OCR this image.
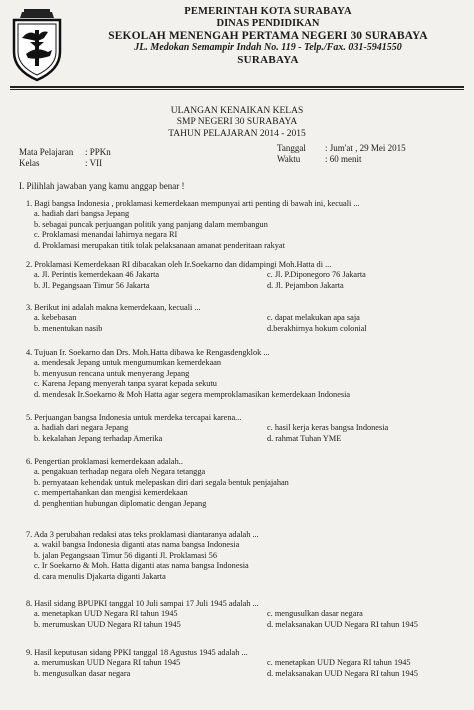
PEMERINTAH KOTA SURABAYA
DINAS PENDIDIKAN
SEKOLAH MENENGAH PERTAMA NEGERI 30 SURABAYA
JL. Medokan Semampir Indah No. 119 - Telp./Fax. 031-5941550
SURABAYA
ULANGAN KENAIKAN KELAS
SMP NEGERI 30 SURABAYA
TAHUN PELAJARAN 2014 - 2015
Mata Pelajaran	: PPKn
Kelas	: VII
Tanggal	: Jum'at , 29 Mei 2015
Waktu	: 60 menit
I. Pilihlah jawaban yang kamu anggap benar !
1. Bagi bangsa Indonesia , proklamasi kemerdekaan mempunyai arti penting di bawah ini, kecuali ...
a. hadiah dari bangsa Jepang
b. sebagai puncak perjuangan politik yang panjang dalam membangun
c. Proklamasi menandai lahirnya negara RI
d. Proklamasi merupakan titik tolak pelaksanaan amanat penderitaan rakyat
2. Proklamasi Kemerdekaan RI dibacakan oleh Ir.Soekarno dan didampingi Moh.Hatta di ...
a. Jl. Perintis kemerdekaan 46 Jakarta	c. Jl. P.Diponegoro 76 Jakarta
b. Jl. Pegangsaan Timur 56 Jakarta	d. Jl. Pejambon Jakarta
3. Berikut ini adalah makna kemerdekaan, kecuali ...
a. kebebasan	c. dapat melakukan apa saja
b. menentukan nasib	d.berakhirnya hokum colonial
4. Tujuan Ir. Soekarno dan Drs. Moh.Hatta dibawa ke Rengasdengklok ...
a. mendesak Jepang untuk mengumumkan kemerdekaan
b. menyusun rencana untuk menyerang Jepang
c. Karena Jepang menyerah tanpa syarat kepada sekutu
d. mendesak Ir.Soekarno & Moh Hatta agar segera memproklamasikan kemerdekaan Indonesia
5. Perjuangan bangsa Indonesia untuk merdeka tercapai karena...
a. hadiah dari negara Jepang	c. hasil kerja keras bangsa Indonesia
b. kekalahan Jepang terhadap Amerika	d. rahmat Tuhan YME
6. Pengertian proklamasi kemerdekaan adalah..
a. pengakuan terhadap negara oleh Negara tetangga
b. pernyataan kehendak untuk melepaskan diri dari segala bentuk penjajahan
c. mempertahankan dan mengisi kemerdekaan
d. penghentian hubungan diplomatic dengan Jepang
7. Ada 3 perubahan redaksi atas teks proklamasi diantaranya adalah ...
a. wakil bangsa Indonesia diganti atas nama bangsa Indonesia
b. jalan Pegangsaan Timur 56 diganti Jl. Proklamasi 56
c. Ir Soekarno & Moh. Hatta diganti atas nama bangsa Indonesia
d. cara menulis Djakarta diganti Jakarta
8. Hasil sidang BPUPKI tanggal 10 Juli sampai 17 Juli 1945 adalah ...
a. menetapkan UUD Negara RI tahun 1945	c. mengusulkan dasar negara
b. merumuskan UUD Negara RI tahun 1945	d. melaksanakan UUD Negara RI tahun 1945
9. Hasil keputusan sidang PPKI tanggal 18 Agustus 1945 adalah ...
a. merumuskan UUD Negara RI tahun 1945	c. menetapkan UUD Negara RI tahun 1945
b. mengusulkan dasar negara	d. melaksanakan UUD Negara RI tahun 1945
